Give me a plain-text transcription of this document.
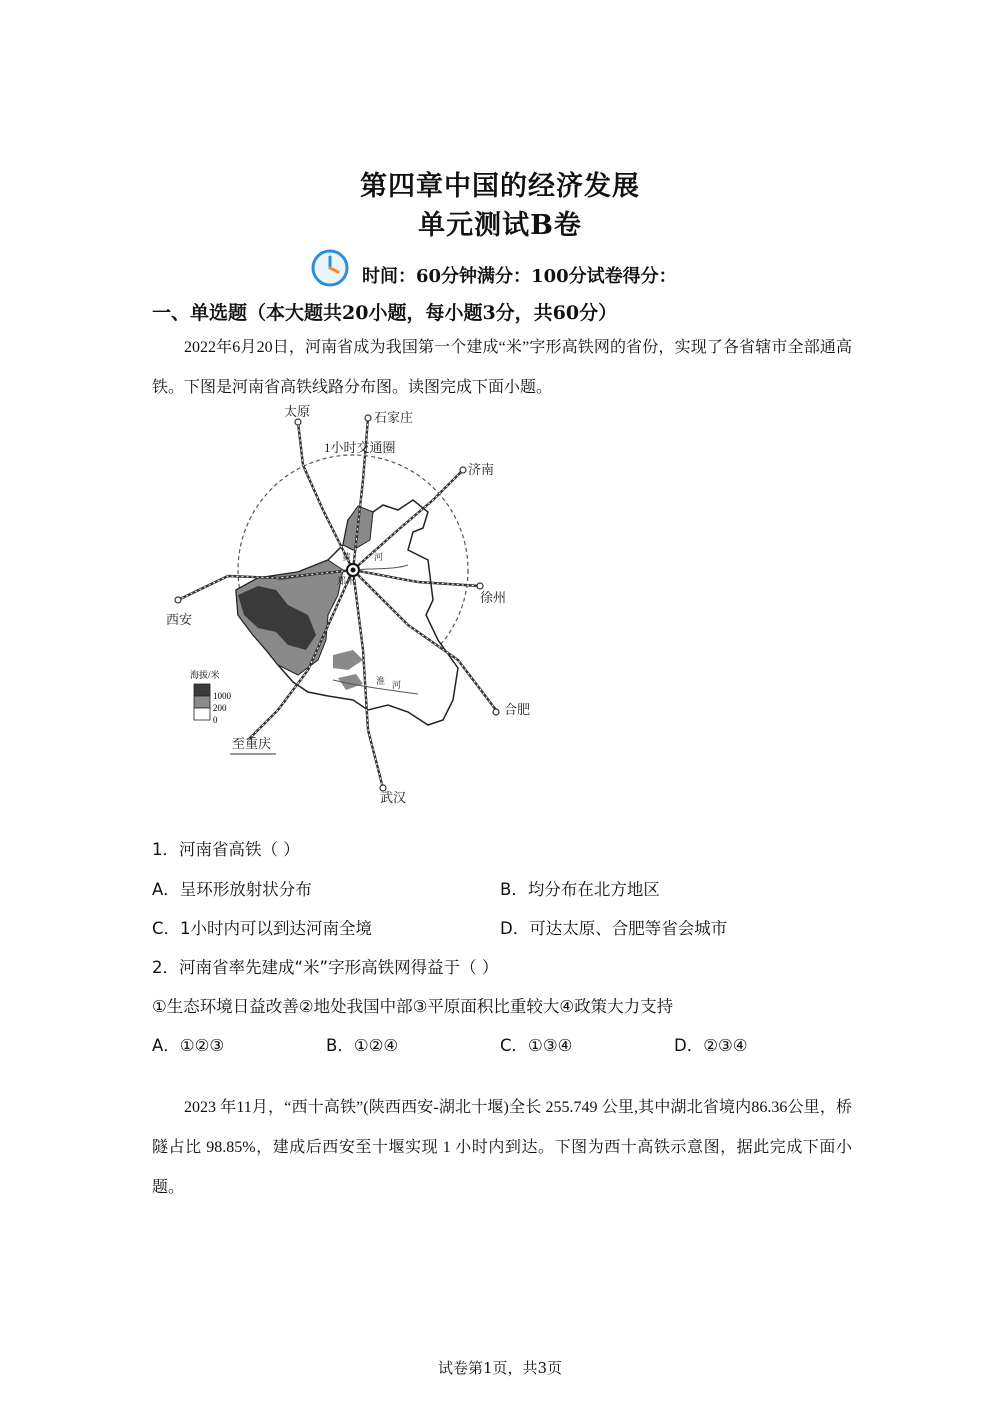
第四章中国的经济发展
单元测试B卷
时间：60分钟满分：100分试卷得分：
一、单选题（本大题共20小题，每小题3分，共60分）
2022年6月20日，河南省成为我国第一个建成“米”字形高铁网的省份，实现了各省辖市全部通高铁。下图是河南省高铁线路分布图。读图完成下面小题。
太原	石家庄
济南
徐州
西安
合肥
武汉
至重庆
1小时交通圈
黄	河
郑州
淮 河
海拔/米
1000
200
0
1．河南省高铁（ ）
A．呈环形放射状分布	B．均分布在北方地区
C．1小时内可以到达河南全境	D．可达太原、合肥等省会城市
2．河南省率先建成“米”字形高铁网得益于（ ）
①生态环境日益改善②地处我国中部③平原面积比重较大④政策大力支持
A．①②③	B．①②④	C．①③④	D．②③④
2023 年11月，“西十高铁”(陕西西安-湖北十堰)全长 255.749 公里,其中湖北省境内86.36公里，桥隧占比 98.85%，建成后西安至十堰实现 1 小时内到达。下图为西十高铁示意图，据此完成下面小题。
试卷第1页，共3页
